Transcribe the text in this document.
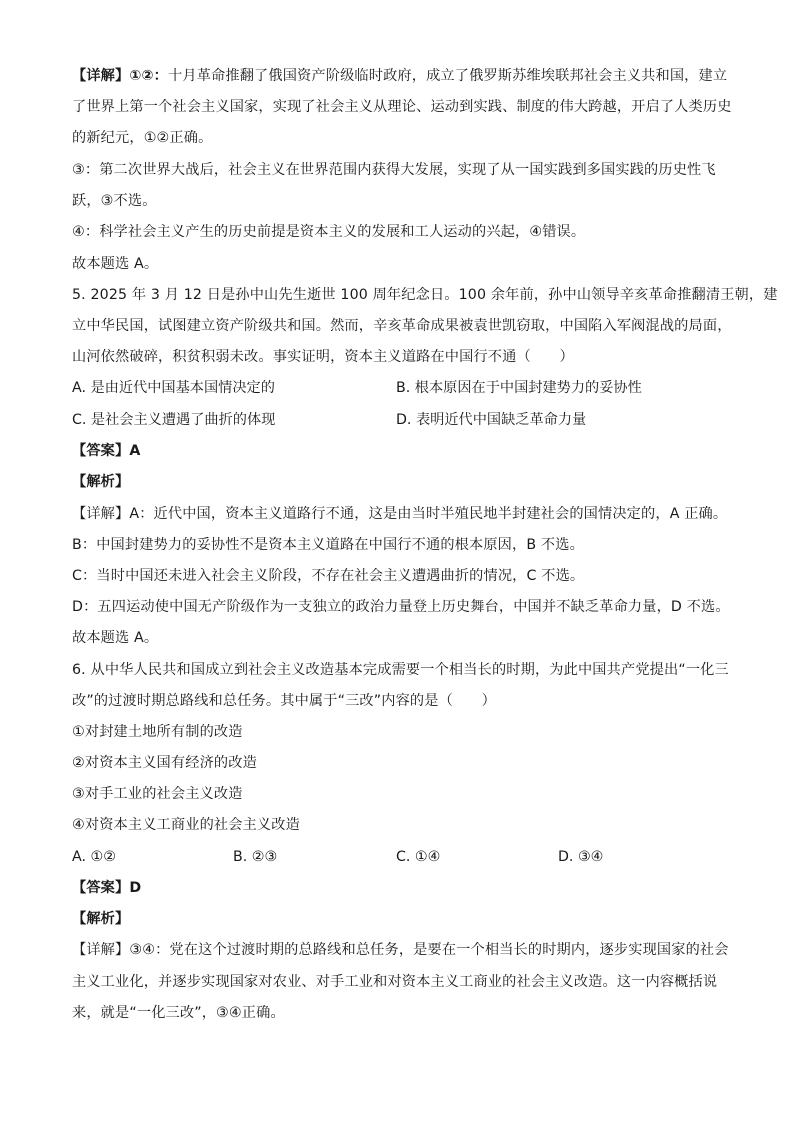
【详解】①②：十月革命推翻了俄国资产阶级临时政府，成立了俄罗斯苏维埃联邦社会主义共和国，建立
了世界上第一个社会主义国家，实现了社会主义从理论、运动到实践、制度的伟大跨越，开启了人类历史
的新纪元，①②正确。
③：第二次世界大战后，社会主义在世界范围内获得大发展，实现了从一国实践到多国实践的历史性飞
跃，③不选。
④：科学社会主义产生的历史前提是资本主义的发展和工人运动的兴起，④错误。
故本题选 A。
5. 2025 年 3 月 12 日是孙中山先生逝世 100 周年纪念日。100 余年前，孙中山领导辛亥革命推翻清王朝，建
立中华民国，试图建立资产阶级共和国。然而，辛亥革命成果被袁世凯窃取，中国陷入军阀混战的局面，
山河依然破碎，积贫积弱未改。事实证明，资本主义道路在中国行不通（　　）
A. 是由近代中国基本国情决定的	B. 根本原因在于中国封建势力的妥协性
C. 是社会主义遭遇了曲折的体现	D. 表明近代中国缺乏革命力量
【答案】A
【解析】
【详解】A：近代中国，资本主义道路行不通，这是由当时半殖民地半封建社会的国情决定的，A 正确。
B：中国封建势力的妥协性不是资本主义道路在中国行不通的根本原因，B 不选。
C：当时中国还未进入社会主义阶段，不存在社会主义遭遇曲折的情况，C 不选。
D：五四运动使中国无产阶级作为一支独立的政治力量登上历史舞台，中国并不缺乏革命力量，D 不选。
故本题选 A。
6. 从中华人民共和国成立到社会主义改造基本完成需要一个相当长的时期，为此中国共产党提出“一化三
改”的过渡时期总路线和总任务。其中属于“三改”内容的是（　　）
①对封建土地所有制的改造
②对资本主义国有经济的改造
③对手工业的社会主义改造
④对资本主义工商业的社会主义改造
A. ①②	B. ②③	C. ①④	D. ③④
【答案】D
【解析】
【详解】③④：党在这个过渡时期的总路线和总任务，是要在一个相当长的时期内，逐步实现国家的社会
主义工业化，并逐步实现国家对农业、对手工业和对资本主义工商业的社会主义改造。这一内容概括说
来，就是“一化三改”，③④正确。
